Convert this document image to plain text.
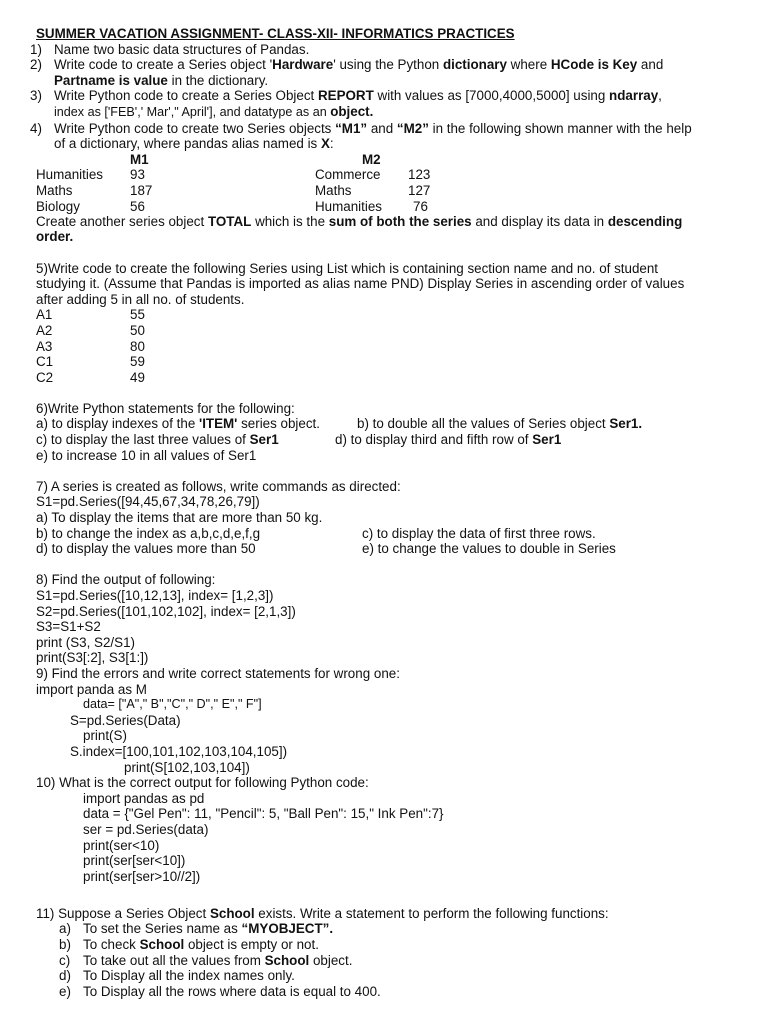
SUMMER VACATION ASSIGNMENT- CLASS-XII- INFORMATICS PRACTICES
1) Name two basic data structures of Pandas.
2) Write code to create a Series object 'Hardware' using the Python dictionary where HCode is Key and
Partname is value in the dictionary.
3) Write Python code to create a Series Object REPORT with values as [7000,4000,5000] using ndarray,
index as ['FEB',' Mar'," April'], and datatype as an object.
4) Write Python code to create two Series objects “M1” and “M2” in the following shown manner with the help
of a dictionary, where pandas alias named is X:
M1	M2
Humanities 93	Commerce 123
Maths	187	Maths	127
Biology	56	Humanities 76
Create another series object TOTAL which is the sum of both the series and display its data in descending
order.
5)Write code to create the following Series using List which is containing section name and no. of student
studying it. (Assume that Pandas is imported as alias name PND) Display Series in ascending order of values
after adding 5 in all no. of students.
A1	55
A2	50
A3	80
C1	59
C2	49
6)Write Python statements for the following:
a) to display indexes of the 'ITEM' series object.	b) to double all the values of Series object Ser1.
c) to display the last three values of Ser1	d) to display third and fifth row of Ser1
e) to increase 10 in all values of Ser1
7) A series is created as follows, write commands as directed:
S1=pd.Series([94,45,67,34,78,26,79])
a) To display the items that are more than 50 kg.
b) to change the index as a,b,c,d,e,f,g	c) to display the data of first three rows.
d) to display the values more than 50	e) to change the values to double in Series
8) Find the output of following:
S1=pd.Series([10,12,13], index= [1,2,3])
S2=pd.Series([101,102,102], index= [2,1,3])
S3=S1+S2
print (S3, S2/S1)
print(S3[:2], S3[1:])
9) Find the errors and write correct statements for wrong one:
import panda as M
data= ["A"," B","C"," D"," E"," F"]
S=pd.Series(Data)
print(S)
S.index=[100,101,102,103,104,105])
print(S[102,103,104])
10) What is the correct output for following Python code:
import pandas as pd
data = {"Gel Pen": 11, "Pencil": 5, "Ball Pen": 15," Ink Pen":7}
ser = pd.Series(data)
print(ser<10)
print(ser[ser<10])
print(ser[ser>10//2])
11) Suppose a Series Object School exists. Write a statement to perform the following functions:
a) To set the Series name as “MYOBJECT”.
b) To check School object is empty or not.
c) To take out all the values from School object.
d) To Display all the index names only.
e) To Display all the rows where data is equal to 400.
